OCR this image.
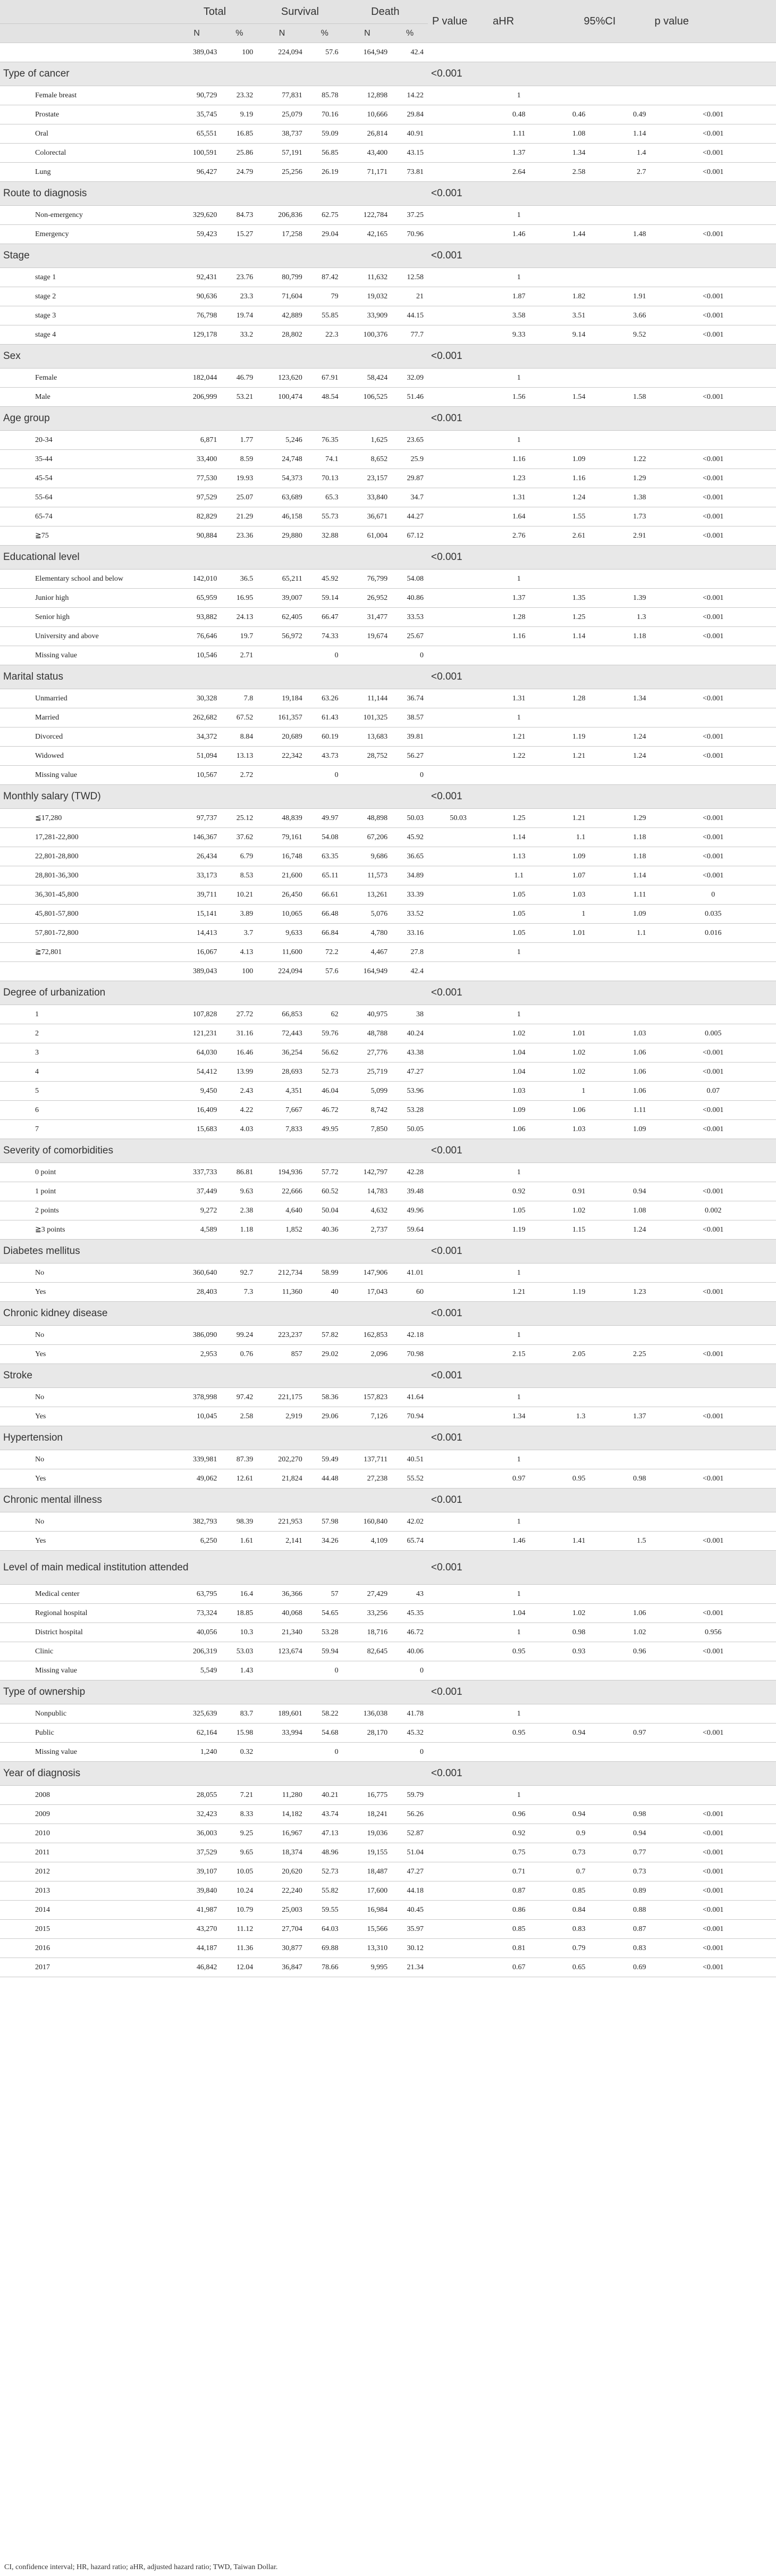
	Total		Survival		Death		P value	aHR	95%CI		p value
	N	%	N	%	N	%					
	389,043	100	224,094	57.6	164,949	42.4					
Type of cancer							<0.001				
Female breast	90,729	23.32	77,831	85.78	12,898	14.22		1			
Prostate	35,745	9.19	25,079	70.16	10,666	29.84		0.48	0.46	0.49	<0.001
Oral	65,551	16.85	38,737	59.09	26,814	40.91		1.11	1.08	1.14	<0.001
Colorectal	100,591	25.86	57,191	56.85	43,400	43.15		1.37	1.34	1.4	<0.001
Lung	96,427	24.79	25,256	26.19	71,171	73.81		2.64	2.58	2.7	<0.001
Route to diagnosis							<0.001				
Non-emergency	329,620	84.73	206,836	62.75	122,784	37.25		1			
Emergency	59,423	15.27	17,258	29.04	42,165	70.96		1.46	1.44	1.48	<0.001
Stage							<0.001				
stage 1	92,431	23.76	80,799	87.42	11,632	12.58		1			
stage 2	90,636	23.3	71,604	79	19,032	21		1.87	1.82	1.91	<0.001
stage 3	76,798	19.74	42,889	55.85	33,909	44.15		3.58	3.51	3.66	<0.001
stage 4	129,178	33.2	28,802	22.3	100,376	77.7		9.33	9.14	9.52	<0.001
Sex							<0.001				
Female	182,044	46.79	123,620	67.91	58,424	32.09		1			
Male	206,999	53.21	100,474	48.54	106,525	51.46		1.56	1.54	1.58	<0.001
Age group							<0.001				
20-34	6,871	1.77	5,246	76.35	1,625	23.65		1			
35-44	33,400	8.59	24,748	74.1	8,652	25.9		1.16	1.09	1.22	<0.001
45-54	77,530	19.93	54,373	70.13	23,157	29.87		1.23	1.16	1.29	<0.001
55-64	97,529	25.07	63,689	65.3	33,840	34.7		1.31	1.24	1.38	<0.001
65-74	82,829	21.29	46,158	55.73	36,671	44.27		1.64	1.55	1.73	<0.001
≧75	90,884	23.36	29,880	32.88	61,004	67.12		2.76	2.61	2.91	<0.001
Educational level							<0.001				
Elementary school and below	142,010	36.5	65,211	45.92	76,799	54.08		1			
Junior high	65,959	16.95	39,007	59.14	26,952	40.86		1.37	1.35	1.39	<0.001
Senior high	93,882	24.13	62,405	66.47	31,477	33.53		1.28	1.25	1.3	<0.001
University and above	76,646	19.7	56,972	74.33	19,674	25.67		1.16	1.14	1.18	<0.001
Missing value	10,546	2.71		0		0					
Marital status							<0.001				
Unmarried	30,328	7.8	19,184	63.26	11,144	36.74		1.31	1.28	1.34	<0.001
Married	262,682	67.52	161,357	61.43	101,325	38.57		1			
Divorced	34,372	8.84	20,689	60.19	13,683	39.81		1.21	1.19	1.24	<0.001
Widowed	51,094	13.13	22,342	43.73	28,752	56.27		1.22	1.21	1.24	<0.001
Missing value	10,567	2.72		0		0					
Monthly salary (TWD)							<0.001				
≦17,280	97,737	25.12	48,839	49.97	48,898	50.03	50.03	1.25	1.21	1.29	<0.001
17,281-22,800	146,367	37.62	79,161	54.08	67,206	45.92		1.14	1.1	1.18	<0.001
22,801-28,800	26,434	6.79	16,748	63.35	9,686	36.65		1.13	1.09	1.18	<0.001
28,801-36,300	33,173	8.53	21,600	65.11	11,573	34.89		1.1	1.07	1.14	<0.001
36,301-45,800	39,711	10.21	26,450	66.61	13,261	33.39		1.05	1.03	1.11	0
45,801-57,800	15,141	3.89	10,065	66.48	5,076	33.52		1.05	1	1.09	0.035
57,801-72,800	14,413	3.7	9,633	66.84	4,780	33.16		1.05	1.01	1.1	0.016
≧72,801	16,067	4.13	11,600	72.2	4,467	27.8		1			
	389,043	100	224,094	57.6	164,949	42.4					
Degree of urbanization							<0.001				
1	107,828	27.72	66,853	62	40,975	38		1			
2	121,231	31.16	72,443	59.76	48,788	40.24		1.02	1.01	1.03	0.005
3	64,030	16.46	36,254	56.62	27,776	43.38		1.04	1.02	1.06	<0.001
4	54,412	13.99	28,693	52.73	25,719	47.27		1.04	1.02	1.06	<0.001
5	9,450	2.43	4,351	46.04	5,099	53.96		1.03	1	1.06	0.07
6	16,409	4.22	7,667	46.72	8,742	53.28		1.09	1.06	1.11	<0.001
7	15,683	4.03	7,833	49.95	7,850	50.05		1.06	1.03	1.09	<0.001
Severity of comorbidities							<0.001				
0 point	337,733	86.81	194,936	57.72	142,797	42.28		1			
1 point	37,449	9.63	22,666	60.52	14,783	39.48		0.92	0.91	0.94	<0.001
2 points	9,272	2.38	4,640	50.04	4,632	49.96		1.05	1.02	1.08	0.002
≧3 points	4,589	1.18	1,852	40.36	2,737	59.64		1.19	1.15	1.24	<0.001
Diabetes mellitus							<0.001				
No	360,640	92.7	212,734	58.99	147,906	41.01		1			
Yes	28,403	7.3	11,360	40	17,043	60		1.21	1.19	1.23	<0.001
Chronic kidney disease							<0.001				
No	386,090	99.24	223,237	57.82	162,853	42.18		1			
Yes	2,953	0.76	857	29.02	2,096	70.98		2.15	2.05	2.25	<0.001
Stroke							<0.001				
No	378,998	97.42	221,175	58.36	157,823	41.64		1			
Yes	10,045	2.58	2,919	29.06	7,126	70.94		1.34	1.3	1.37	<0.001
Hypertension							<0.001				
No	339,981	87.39	202,270	59.49	137,711	40.51		1			
Yes	49,062	12.61	21,824	44.48	27,238	55.52		0.97	0.95	0.98	<0.001
Chronic mental illness							<0.001				
No	382,793	98.39	221,953	57.98	160,840	42.02		1			
Yes	6,250	1.61	2,141	34.26	4,109	65.74		1.46	1.41	1.5	<0.001
Level of main medical institution attended							<0.001				
Medical center	63,795	16.4	36,366	57	27,429	43		1			
Regional hospital	73,324	18.85	40,068	54.65	33,256	45.35		1.04	1.02	1.06	<0.001
District hospital	40,056	10.3	21,340	53.28	18,716	46.72		1	0.98	1.02	0.956
Clinic	206,319	53.03	123,674	59.94	82,645	40.06		0.95	0.93	0.96	<0.001
Missing value	5,549	1.43		0		0					
Type of ownership							<0.001				
Nonpublic	325,639	83.7	189,601	58.22	136,038	41.78		1			
Public	62,164	15.98	33,994	54.68	28,170	45.32		0.95	0.94	0.97	<0.001
Missing value	1,240	0.32		0		0					
Year of diagnosis							<0.001				
2008	28,055	7.21	11,280	40.21	16,775	59.79		1			
2009	32,423	8.33	14,182	43.74	18,241	56.26		0.96	0.94	0.98	<0.001
2010	36,003	9.25	16,967	47.13	19,036	52.87		0.92	0.9	0.94	<0.001
2011	37,529	9.65	18,374	48.96	19,155	51.04		0.75	0.73	0.77	<0.001
2012	39,107	10.05	20,620	52.73	18,487	47.27		0.71	0.7	0.73	<0.001
2013	39,840	10.24	22,240	55.82	17,600	44.18		0.87	0.85	0.89	<0.001
2014	41,987	10.79	25,003	59.55	16,984	40.45		0.86	0.84	0.88	<0.001
2015	43,270	11.12	27,704	64.03	15,566	35.97		0.85	0.83	0.87	<0.001
2016	44,187	11.36	30,877	69.88	13,310	30.12		0.81	0.79	0.83	<0.001
2017	46,842	12.04	36,847	78.66	9,995	21.34		0.67	0.65	0.69	<0.001
CI, confidence interval; HR, hazard ratio; aHR, adjusted hazard ratio; TWD, Taiwan Dollar.
